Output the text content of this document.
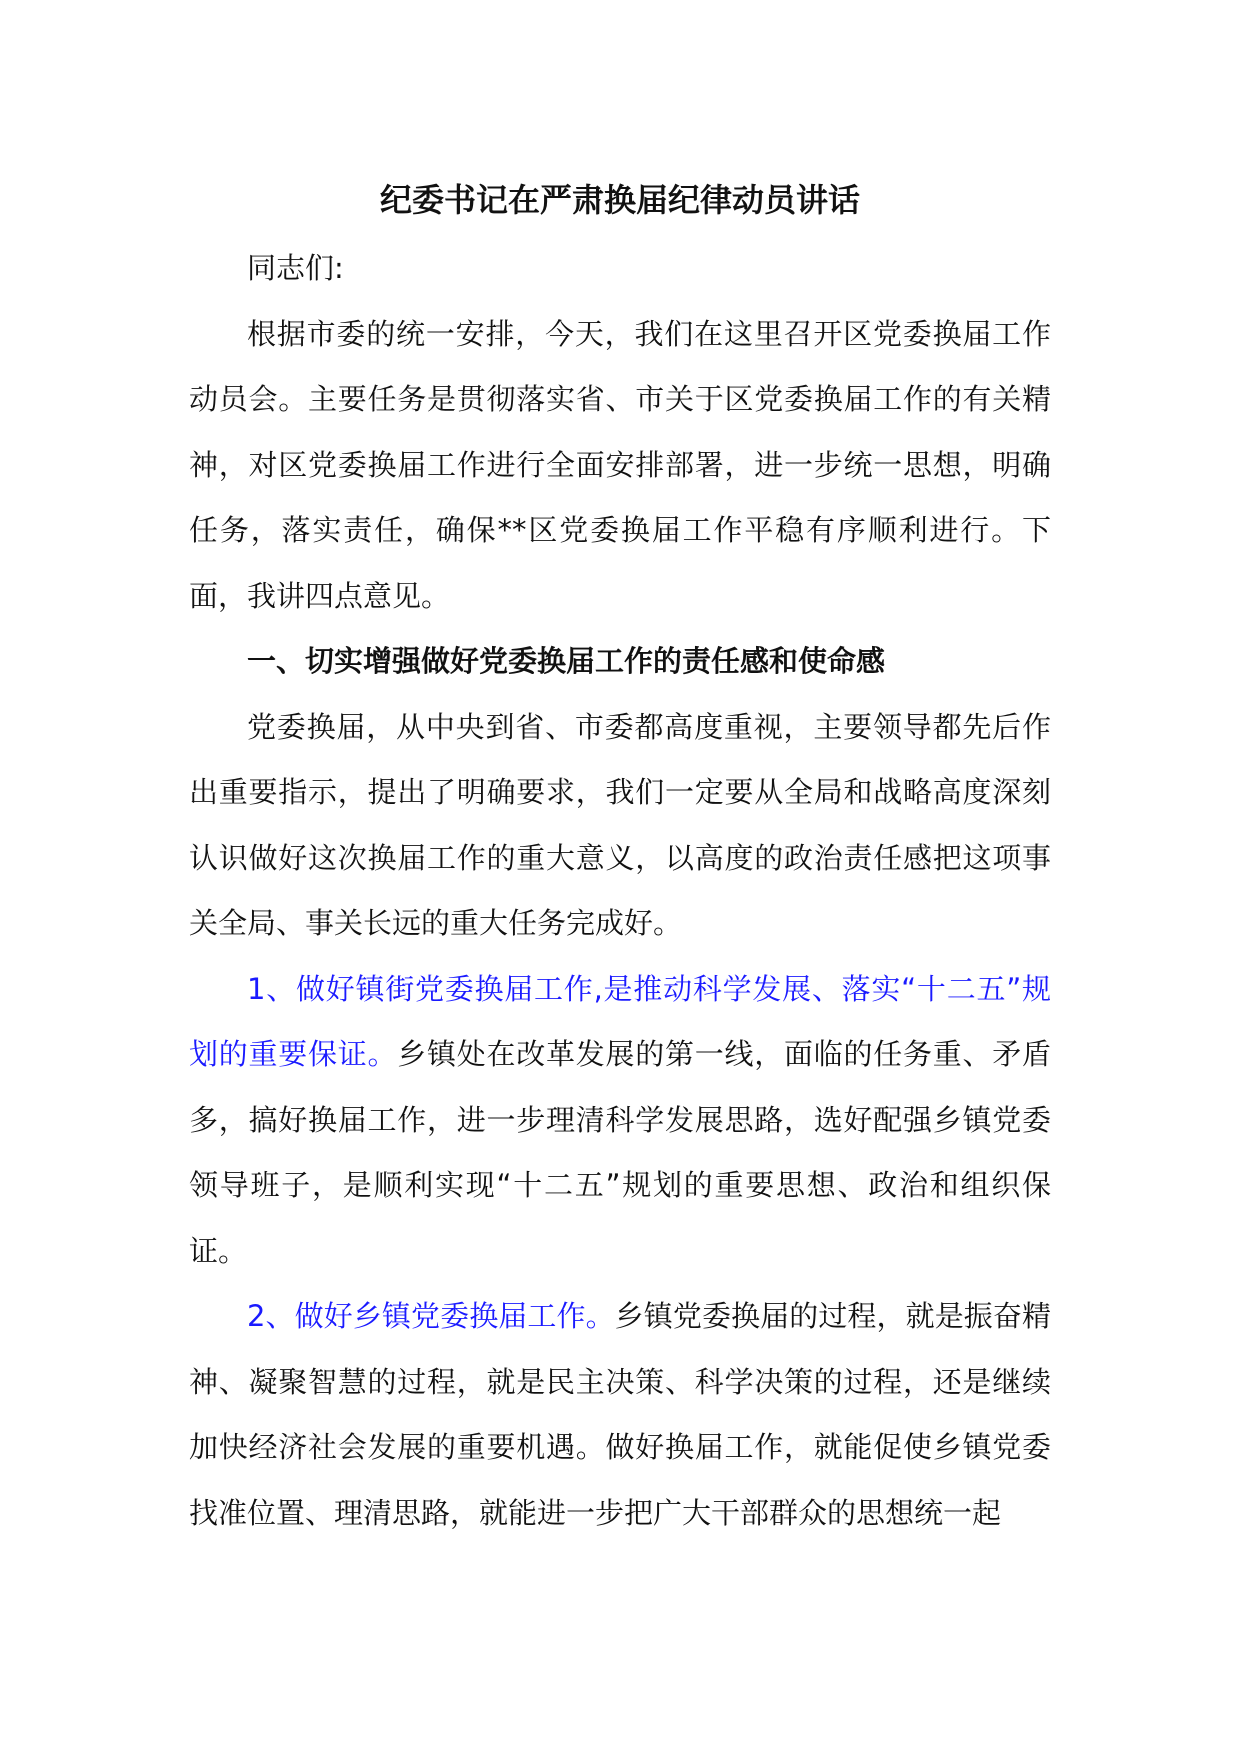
纪委书记在严肃换届纪律动员讲话

同志们:

根据市委的统一安排，今天，我们在这里召开区党委换届工作动员会。主要任务是贯彻落实省、市关于区党委换届工作的有关精神，对区党委换届工作进行全面安排部署，进一步统一思想，明确任务，落实责任，确保**区党委换届工作平稳有序顺利进行。下面，我讲四点意见。

一、切实增强做好党委换届工作的责任感和使命感

党委换届，从中央到省、市委都高度重视，主要领导都先后作出重要指示，提出了明确要求，我们一定要从全局和战略高度深刻认识做好这次换届工作的重大意义，以高度的政治责任感把这项事关全局、事关长远的重大任务完成好。

1、做好镇街党委换届工作,是推动科学发展、落实“十二五”规划的重要保证。乡镇处在改革发展的第一线，面临的任务重、矛盾多，搞好换届工作，进一步理清科学发展思路，选好配强乡镇党委领导班子，是顺利实现“十二五”规划的重要思想、政治和组织保证。

2、做好乡镇党委换届工作。乡镇党委换届的过程，就是振奋精神、凝聚智慧的过程，就是民主决策、科学决策的过程，还是继续加快经济社会发展的重要机遇。做好换届工作，就能促使乡镇党委找准位置、理清思路，就能进一步把广大干部群众的思想统一起
